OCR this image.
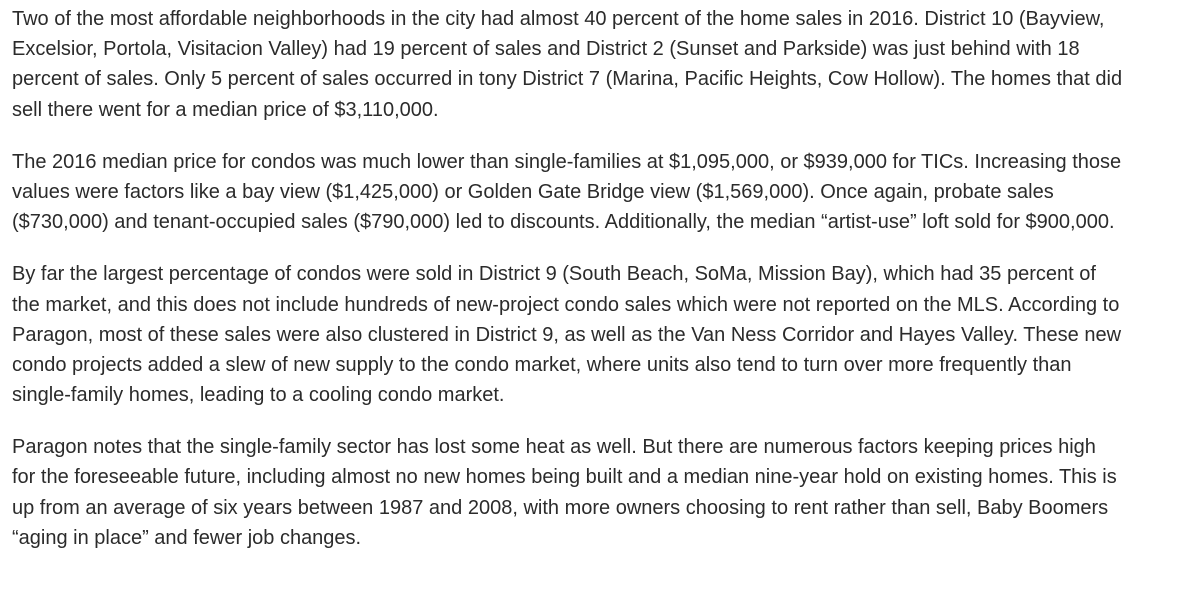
Two of the most affordable neighborhoods in the city had almost 40 percent of the home sales in 2016. District 10 (Bayview,
Excelsior, Portola, Visitacion Valley) had 19 percent of sales and District 2 (Sunset and Parkside) was just behind with 18
percent of sales. Only 5 percent of sales occurred in tony District 7 (Marina, Pacific Heights, Cow Hollow). The homes that did
sell there went for a median price of $3,110,000.

The 2016 median price for condos was much lower than single-families at $1,095,000, or $939,000 for TICs. Increasing those
values were factors like a bay view ($1,425,000) or Golden Gate Bridge view ($1,569,000). Once again, probate sales
($730,000) and tenant-occupied sales ($790,000) led to discounts. Additionally, the median “artist-use” loft sold for $900,000.

By far the largest percentage of condos were sold in District 9 (South Beach, SoMa, Mission Bay), which had 35 percent of
the market, and this does not include hundreds of new-project condo sales which were not reported on the MLS. According to
Paragon, most of these sales were also clustered in District 9, as well as the Van Ness Corridor and Hayes Valley. These new
condo projects added a slew of new supply to the condo market, where units also tend to turn over more frequently than
single-family homes, leading to a cooling condo market.

Paragon notes that the single-family sector has lost some heat as well. But there are numerous factors keeping prices high
for the foreseeable future, including almost no new homes being built and a median nine-year hold on existing homes. This is
up from an average of six years between 1987 and 2008, with more owners choosing to rent rather than sell, Baby Boomers
“aging in place” and fewer job changes.
